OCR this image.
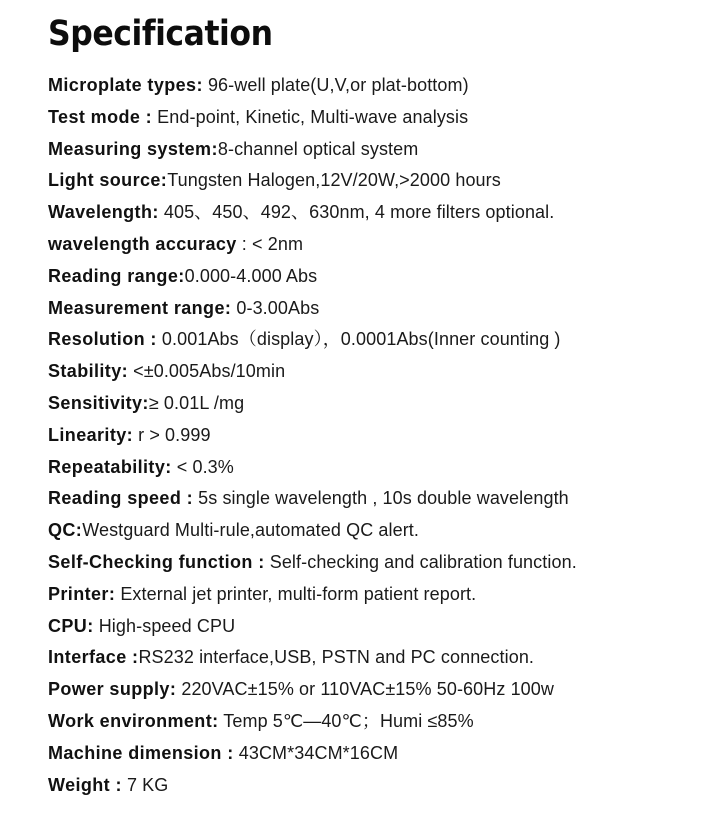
Specification
Microplate types: 96-well plate(U,V,or plat-bottom)
Test mode : End-point, Kinetic, Multi-wave analysis
Measuring system:8-channel optical system
Light source:Tungsten Halogen,12V/20W,>2000 hours
Wavelength: 405、450、492、630nm, 4 more filters optional.
wavelength accuracy : < 2nm
Reading range:0.000-4.000 Abs
Measurement range: 0-3.00Abs
Resolution : 0.001Abs（display），0.0001Abs(Inner counting )
Stability: <±0.005Abs/10min
Sensitivity:≥ 0.01L /mg
Linearity: r > 0.999
Repeatability: < 0.3%
Reading speed : 5s single wavelength , 10s double wavelength
QC:Westguard Multi-rule,automated QC alert.
Self-Checking function : Self-checking and calibration function.
Printer: External jet printer, multi-form patient report.
CPU: High-speed CPU
Interface :RS232 interface,USB, PSTN and PC connection.
Power supply: 220VAC±15% or 110VAC±15% 50-60Hz 100w
Work environment: Temp 5℃—40℃；Humi ≤85%
Machine dimension : 43CM*34CM*16CM
Weight : 7 KG
